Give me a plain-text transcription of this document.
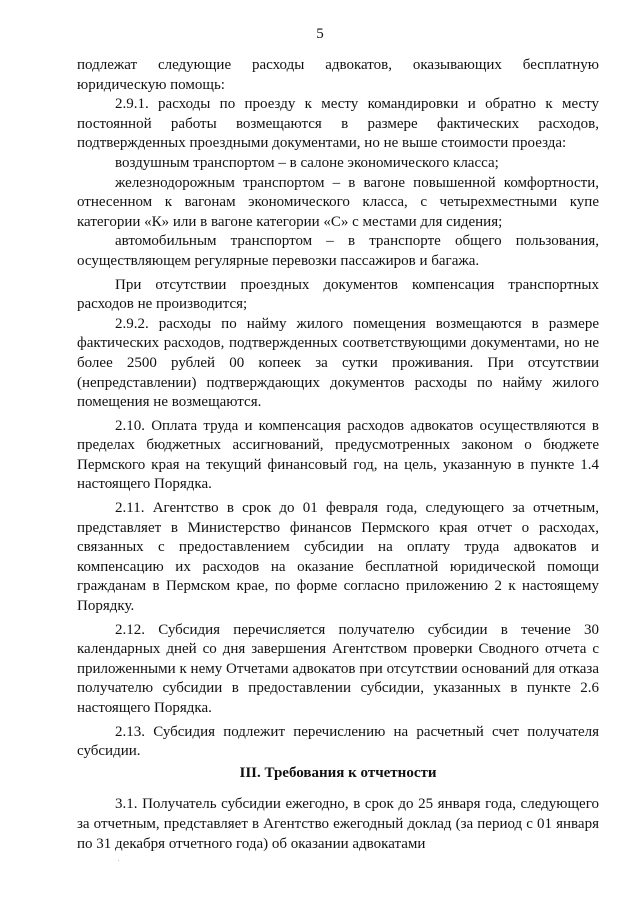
5

подлежат следующие расходы адвокатов, оказывающих бесплатную юридическую помощь:

2.9.1. расходы по проезду к месту командировки и обратно к месту постоянной работы возмещаются в размере фактических расходов, подтвержденных проездными документами, но не выше стоимости проезда:

воздушным транспортом – в салоне экономического класса;

железнодорожным транспортом – в вагоне повышенной комфортности, отнесенном к вагонам экономического класса, с четырехместными купе категории «К» или в вагоне категории «С» с местами для сидения;

автомобильным транспортом – в транспорте общего пользования, осуществляющем регулярные перевозки пассажиров и багажа.

При отсутствии проездных документов компенсация транспортных расходов не производится;

2.9.2. расходы по найму жилого помещения возмещаются в размере фактических расходов, подтвержденных соответствующими документами, но не более 2500 рублей 00 копеек за сутки проживания. При отсутствии (непредставлении) подтверждающих документов расходы по найму жилого помещения не возмещаются.

2.10. Оплата труда и компенсация расходов адвокатов осуществляются в пределах бюджетных ассигнований, предусмотренных законом о бюджете Пермского края на текущий финансовый год, на цель, указанную в пункте 1.4 настоящего Порядка.

2.11. Агентство в срок до 01 февраля года, следующего за отчетным, представляет в Министерство финансов Пермского края отчет о расходах, связанных с предоставлением субсидии на оплату труда адвокатов и компенсацию их расходов на оказание бесплатной юридической помощи гражданам в Пермском крае, по форме согласно приложению 2 к настоящему Порядку.

2.12. Субсидия перечисляется получателю субсидии в течение 30 календарных дней со дня завершения Агентством проверки Сводного отчета с приложенными к нему Отчетами адвокатов при отсутствии оснований для отказа получателю субсидии в предоставлении субсидии, указанных в пункте 2.6 настоящего Порядка.

2.13. Субсидия подлежит перечислению на расчетный счет получателя субсидии.

III. Требования к отчетности

3.1. Получатель субсидии ежегодно, в срок до 25 января года, следующего за отчетным, представляет в Агентство ежегодный доклад (за период с 01 января по 31 декабря отчетного года) об оказании адвокатами
